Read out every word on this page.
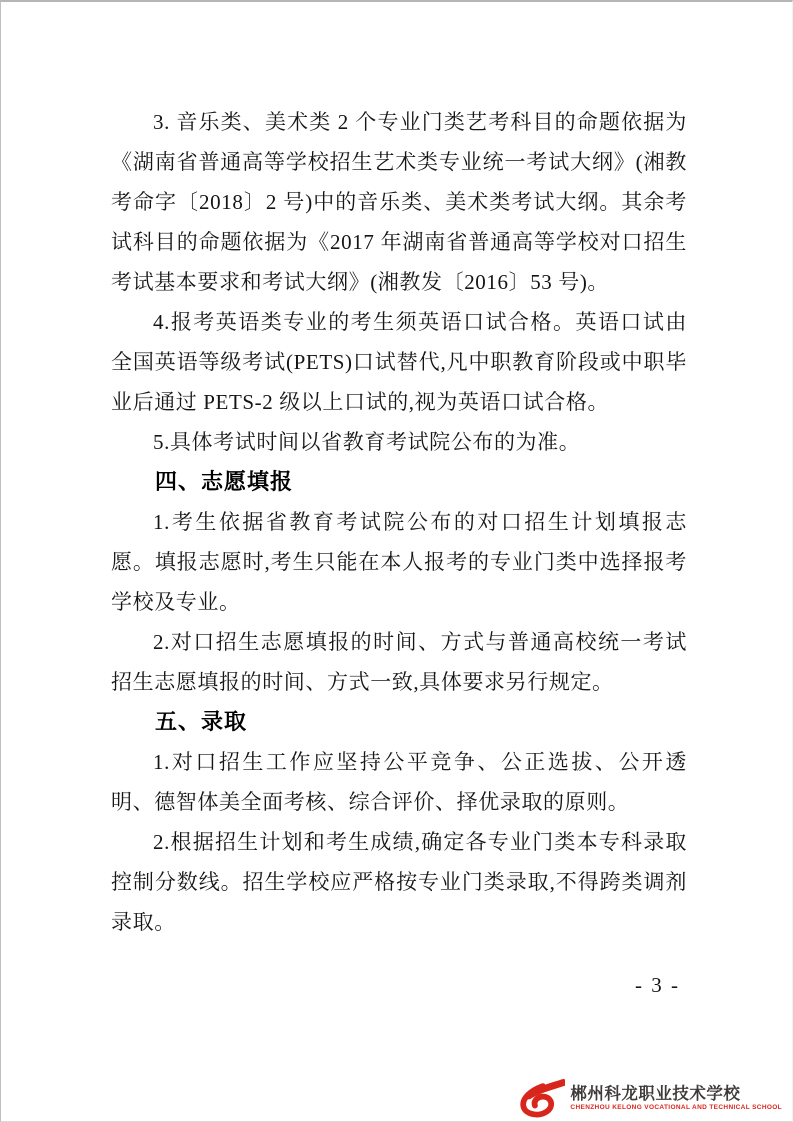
3. 音乐类、美术类 2 个专业门类艺考科目的命题依据为《湖南省普通高等学校招生艺术类专业统一考试大纲》(湘教考命字〔2018〕2 号)中的音乐类、美术类考试大纲。其余考试科目的命题依据为《2017 年湖南省普通高等学校对口招生考试基本要求和考试大纲》(湘教发〔2016〕53 号)。

4.报考英语类专业的考生须英语口试合格。英语口试由全国英语等级考试(PETS)口试替代,凡中职教育阶段或中职毕业后通过 PETS-2 级以上口试的,视为英语口试合格。

5.具体考试时间以省教育考试院公布的为准。

四、志愿填报

1.考生依据省教育考试院公布的对口招生计划填报志愿。填报志愿时,考生只能在本人报考的专业门类中选择报考学校及专业。

2.对口招生志愿填报的时间、方式与普通高校统一考试招生志愿填报的时间、方式一致,具体要求另行规定。

五、录取

1.对口招生工作应坚持公平竞争、公正选拔、公开透明、德智体美全面考核、综合评价、择优录取的原则。

2.根据招生计划和考生成绩,确定各专业门类本专科录取控制分数线。招生学校应严格按专业门类录取,不得跨类调剂录取。

- 3 -
郴州科龙职业技术学校
CHENZHOU KELONG VOCATIONAL AND TECHNICAL SCHOOL
